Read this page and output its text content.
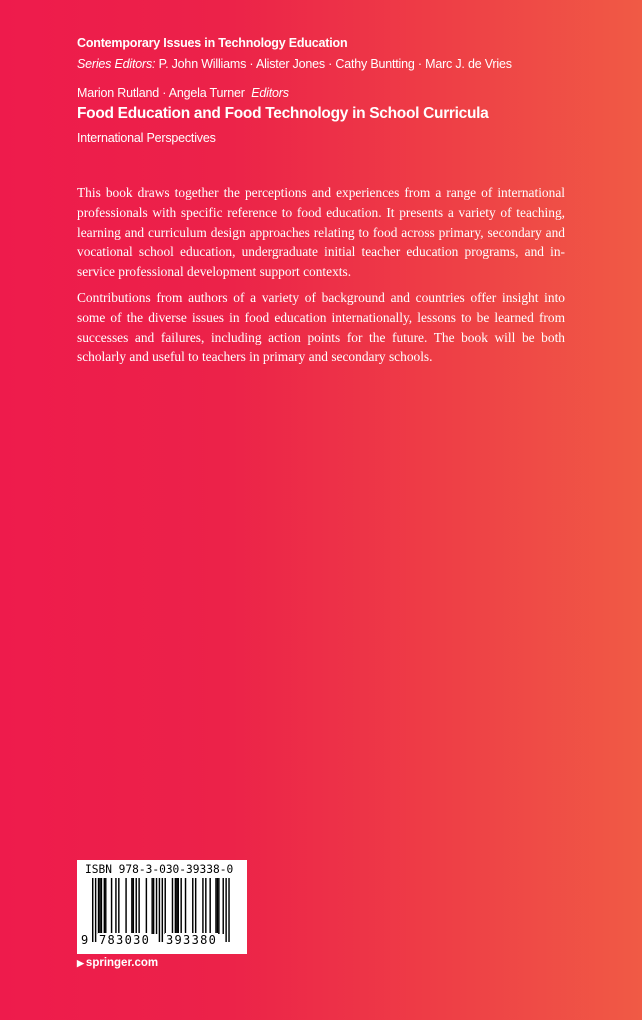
Contemporary Issues in Technology Education
Series Editors: P. John Williams · Alister Jones · Cathy Buntting · Marc J. de Vries
Marion Rutland · Angela Turner Editors
Food Education and Food Technology in School Curricula
International Perspectives

This book draws together the perceptions and experiences from a range of international professionals with specific reference to food education. It presents a variety of teaching, learning and curriculum design approaches relating to food across primary, secondary and vocational school education, undergraduate initial teacher education programs, and in-service professional development support contexts.

Contributions from authors of a variety of background and countries offer insight into some of the diverse issues in food education internationally, lessons to be learned from successes and failures, including action points for the future. The book will be both scholarly and useful to teachers in primary and secondary schools.

ISBN 978-3-030-39338-0
9 783030 393380
▶ springer.com
